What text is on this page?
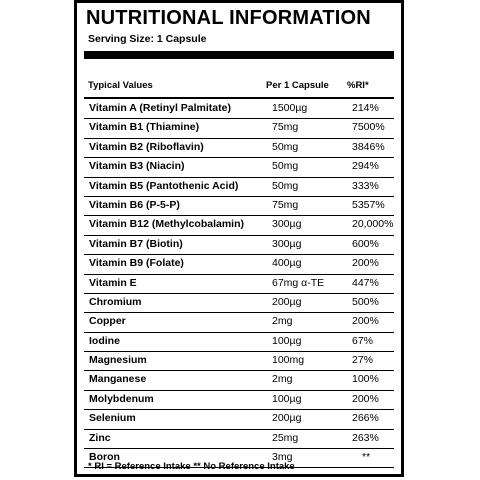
NUTRITIONAL INFORMATION
Serving Size: 1 Capsule
Typical Values	Per 1 Capsule %RI*
Vitamin A (Retinyl Palmitate)	1500µg	214%
Vitamin B1 (Thiamine)	75mg	7500%
Vitamin B2 (Riboflavin)	50mg	3846%
Vitamin B3 (Niacin)	50mg	294%
Vitamin B5 (Pantothenic Acid)	50mg	333%
Vitamin B6 (P-5-P)	75mg	5357%
Vitamin B12 (Methylcobalamin)	300µg	20,000%
Vitamin B7 (Biotin)	300µg	600%
Vitamin B9 (Folate)	400µg	200%
Vitamin E	67mg α-TE	447%
Chromium	200µg	500%
Copper	2mg	200%
Iodine	100µg	67%
Magnesium	100mg	27%
Manganese	2mg	100%
Molybdenum	100µg	200%
Selenium	200µg	266%
Zinc	25mg	263%
Boron	3mg	**
* RI = Reference Intake ** No Reference Intake
